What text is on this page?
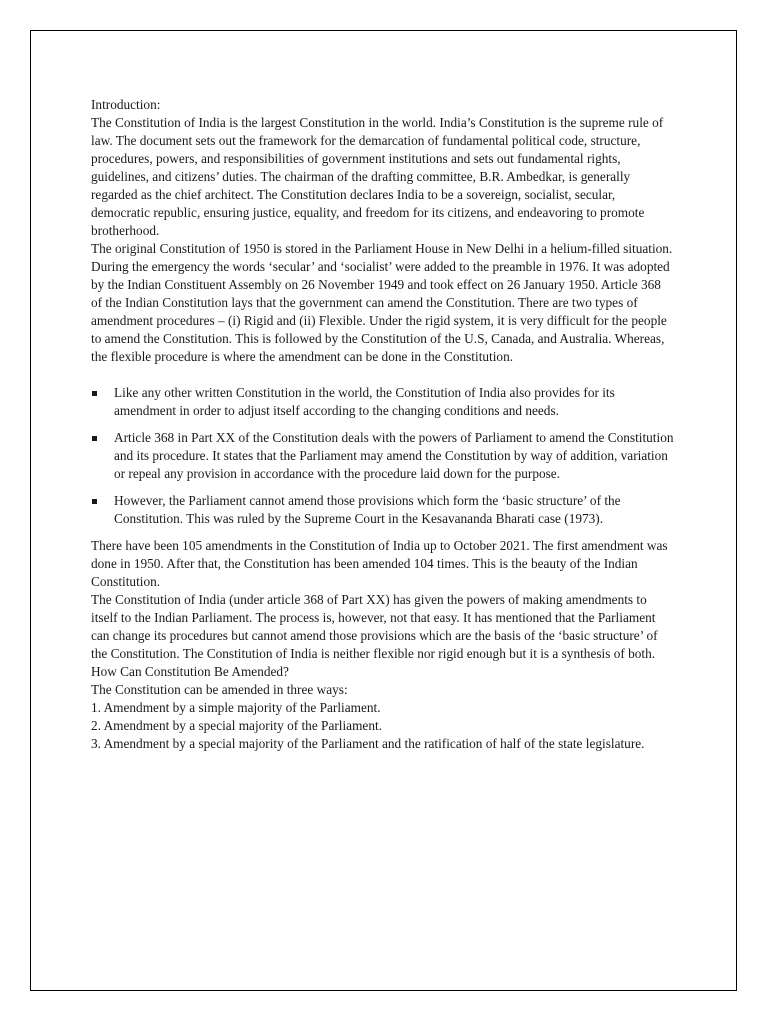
Introduction:

The Constitution of India is the largest Constitution in the world. India’s Constitution is the supreme rule of law. The document sets out the framework for the demarcation of fundamental political code, structure, procedures, powers, and responsibilities of government institutions and sets out fundamental rights, guidelines, and citizens’ duties. The chairman of the drafting committee, B.R. Ambedkar, is generally regarded as the chief architect. The Constitution declares India to be a sovereign, socialist, secular, democratic republic, ensuring justice, equality, and freedom for its citizens, and endeavoring to promote brotherhood.

The original Constitution of 1950 is stored in the Parliament House in New Delhi in a helium-filled situation. During the emergency the words ‘secular’ and ‘socialist’ were added to the preamble in 1976. It was adopted by the Indian Constituent Assembly on 26 November 1949 and took effect on 26 January 1950. Article 368 of the Indian Constitution lays that the government can amend the Constitution. There are two types of amendment procedures – (i) Rigid and (ii) Flexible. Under the rigid system, it is very difficult for the people to amend the Constitution. This is followed by the Constitution of the U.S, Canada, and Australia. Whereas, the flexible procedure is where the amendment can be done in the Constitution.

Like any other written Constitution in the world, the Constitution of India also provides for its amendment in order to adjust itself according to the changing conditions and needs.
Article 368 in Part XX of the Constitution deals with the powers of Parliament to amend the Constitution and its procedure. It states that the Parliament may amend the Constitution by way of addition, variation or repeal any provision in accordance with the procedure laid down for the purpose.
However, the Parliament cannot amend those provisions which form the ‘basic structure’ of the Constitution. This was ruled by the Supreme Court in the Kesavananda Bharati case (1973).

There have been 105 amendments in the Constitution of India up to October 2021. The first amendment was done in 1950. After that, the Constitution has been amended 104 times. This is the beauty of the Indian Constitution.

The Constitution of India (under article 368 of Part XX) has given the powers of making amendments to itself to the Indian Parliament. The process is, however, not that easy. It has mentioned that the Parliament can change its procedures but cannot amend those provisions which are the basis of the ‘basic structure’ of the Constitution. The Constitution of India is neither flexible nor rigid enough but it is a synthesis of both.

How Can Constitution Be Amended?

The Constitution can be amended in three ways:

1. Amendment by a simple majority of the Parliament.

2. Amendment by a special majority of the Parliament.

3. Amendment by a special majority of the Parliament and the ratification of half of the state legislature.
